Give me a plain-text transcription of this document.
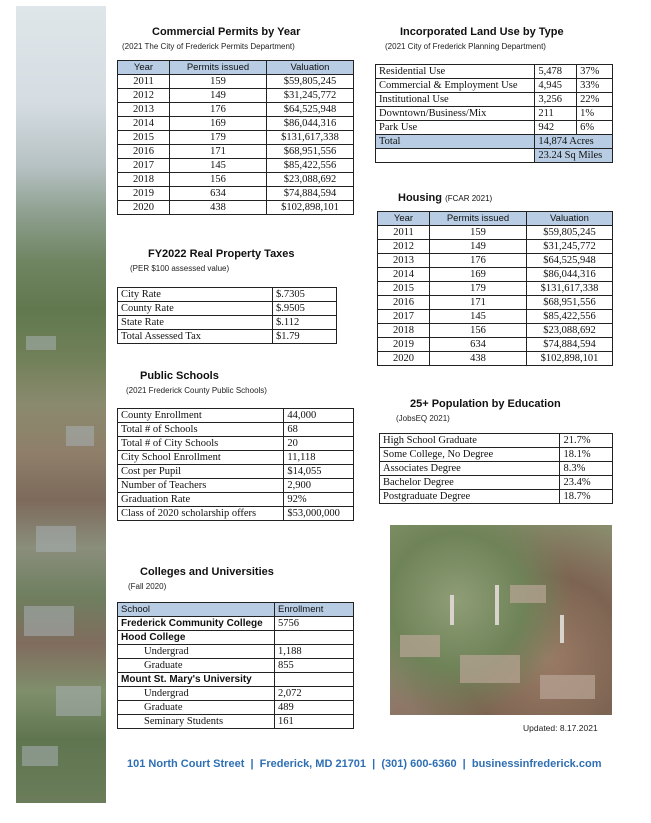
Commercial Permits by Year
(2021 The City of Frederick Permits Department)
Year	Permits issued	Valuation
2011	159	$59,805,245
2012	149	$31,245,772
2013	176	$64,525,948
2014	169	$86,044,316
2015	179	$131,617,338
2016	171	$68,951,556
2017	145	$85,422,556
2018	156	$23,088,692
2019	634	$74,884,594
2020	438	$102,898,101
Incorporated Land Use by Type
(2021 City of Frederick Planning Department)
Residential Use	5,478	37%
Commercial & Employment Use	4,945	33%
Institutional Use	3,256	22%
Downtown/Business/Mix	211	1%
Park Use	942	6%
Total	14,874 Acres	
	23.24 Sq Miles	
FY2022 Real Property Taxes
(PER $100 assessed value)
City Rate	$.7305
County Rate	$.9505
State Rate	$.112
Total Assessed Tax	$1.79
Housing (FCAR 2021)
Year	Permits issued	Valuation
2011	159	$59,805,245
2012	149	$31,245,772
2013	176	$64,525,948
2014	169	$86,044,316
2015	179	$131,617,338
2016	171	$68,951,556
2017	145	$85,422,556
2018	156	$23,088,692
2019	634	$74,884,594
2020	438	$102,898,101
Public Schools
(2021 Frederick County Public Schools)
County Enrollment	44,000
Total # of Schools	68
Total # of City Schools	20
City School Enrollment	11,118
Cost per Pupil	$14,055
Number of Teachers	2,900
Graduation Rate	92%
Class of 2020 scholarship offers	$53,000,000
25+ Population by Education
(JobsEQ 2021)
High School Graduate	21.7%
Some College, No Degree	18.1%
Associates Degree	8.3%
Bachelor Degree	23.4%
Postgraduate Degree	18.7%
Updated: 8.17.2021
Colleges and Universities
(Fall 2020)
School	Enrollment
Frederick Community College	5756
Hood College	
Undergrad	1,188
Graduate	855
Mount St. Mary's University	
Undergrad	2,072
Graduate	489
Seminary Students	161
101 North Court Street  |  Frederick, MD 21701  |  (301) 600-6360  |  businessinfrederick.com
